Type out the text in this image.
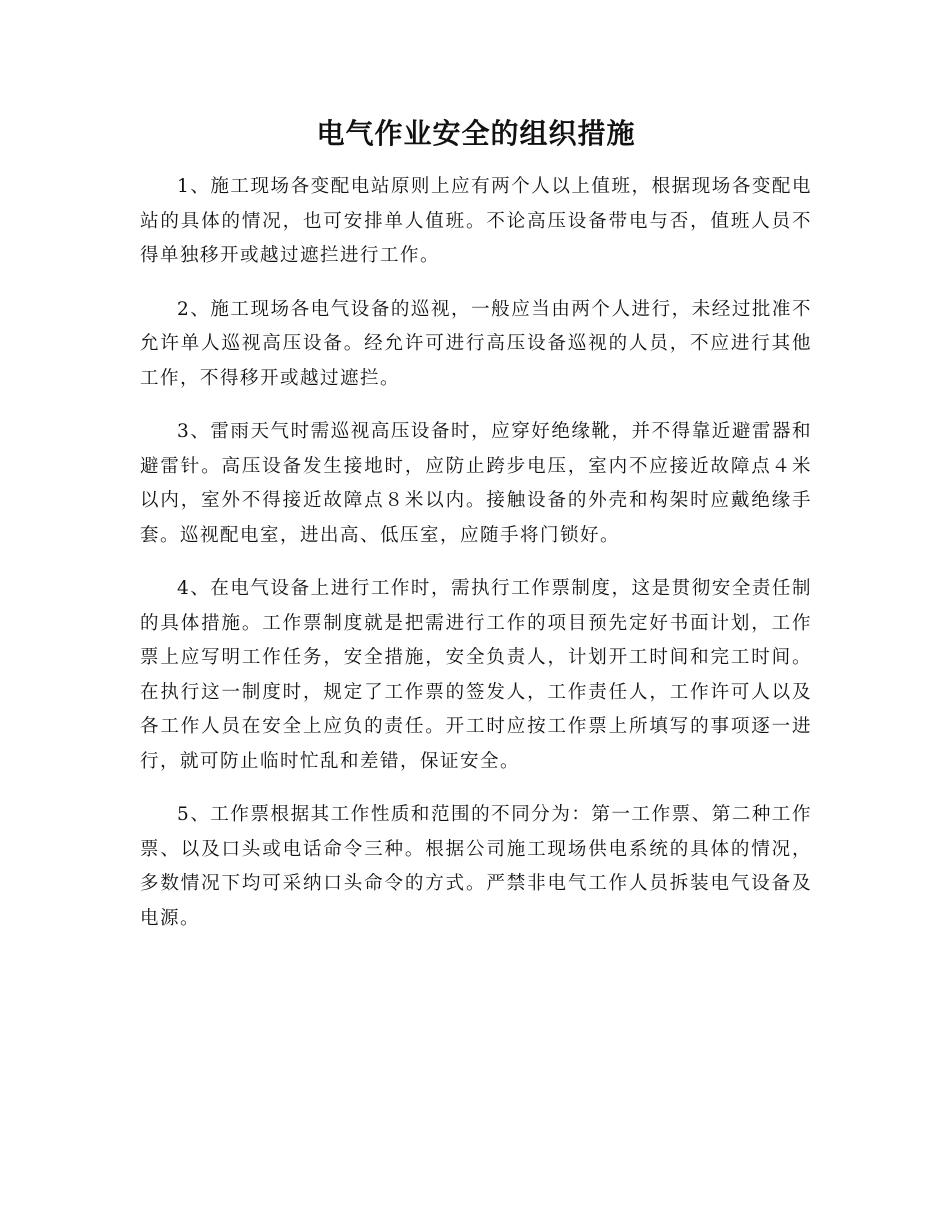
电气作业安全的组织措施

1、施工现场各变配电站原则上应有两个人以上值班，根据现场各变配电站的具体的情况，也可安排单人值班。不论高压设备带电与否，值班人员不得单独移开或越过遮拦进行工作。

2、施工现场各电气设备的巡视，一般应当由两个人进行，未经过批准不允许单人巡视高压设备。经允许可进行高压设备巡视的人员，不应进行其他工作，不得移开或越过遮拦。

3、雷雨天气时需巡视高压设备时，应穿好绝缘靴，并不得靠近避雷器和避雷针。高压设备发生接地时，应防止跨步电压，室内不应接近故障点４米以内，室外不得接近故障点８米以内。接触设备的外壳和构架时应戴绝缘手套。巡视配电室，进出高、低压室，应随手将门锁好。

4、在电气设备上进行工作时，需执行工作票制度，这是贯彻安全责任制的具体措施。工作票制度就是把需进行工作的项目预先定好书面计划，工作票上应写明工作任务，安全措施，安全负责人，计划开工时间和完工时间。在执行这一制度时，规定了工作票的签发人，工作责任人，工作许可人以及各工作人员在安全上应负的责任。开工时应按工作票上所填写的事项逐一进行，就可防止临时忙乱和差错，保证安全。

5、工作票根据其工作性质和范围的不同分为：第一工作票、第二种工作票、以及口头或电话命令三种。根据公司施工现场供电系统的具体的情况，多数情况下均可采纳口头命令的方式。严禁非电气工作人员拆装电气设备及电源。
